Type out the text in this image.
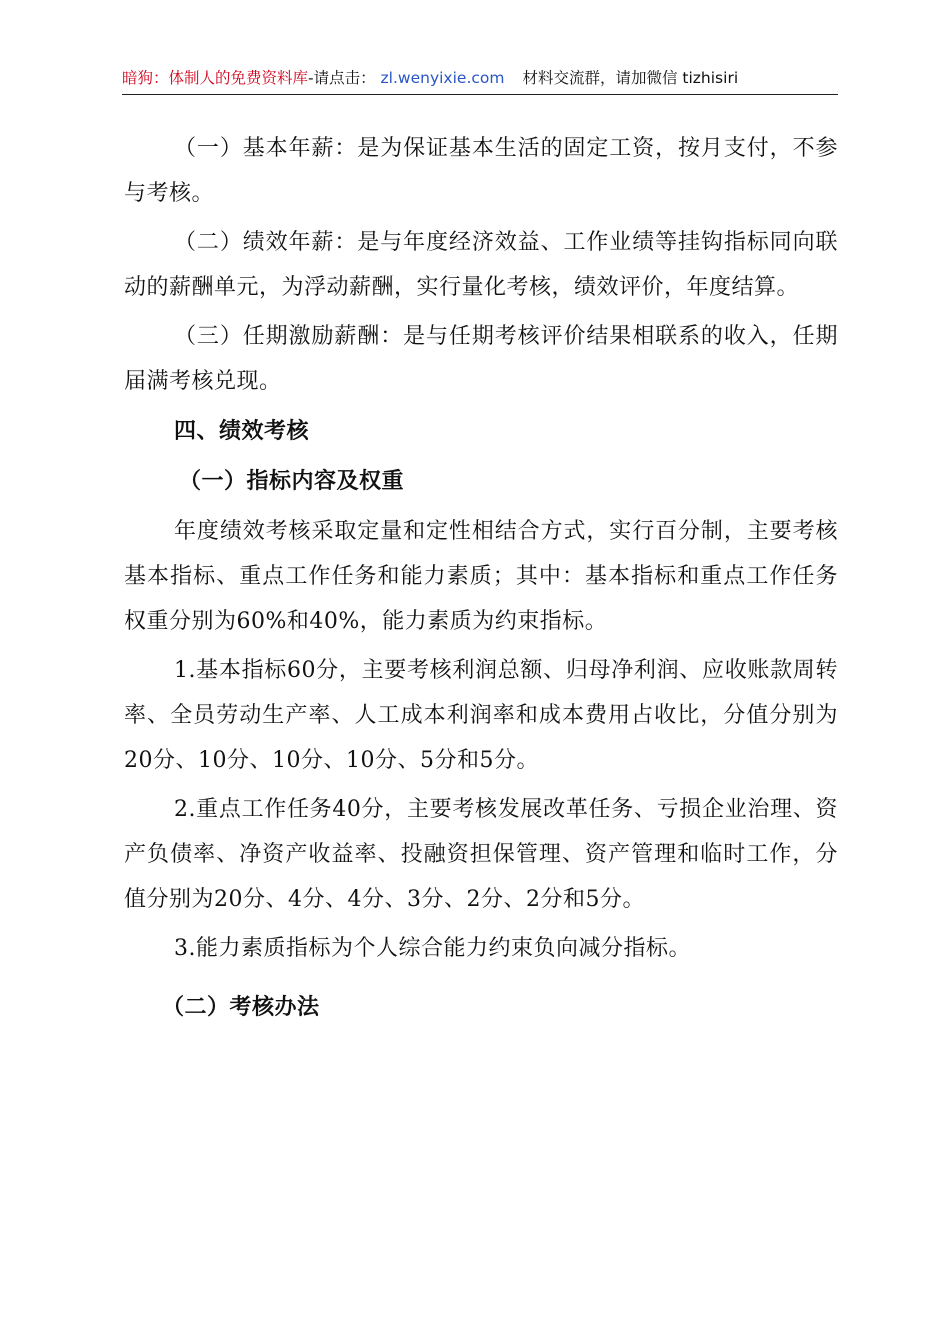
暗狗：体制人的免费资料库-请点击： zl.wenyixie.com 材料交流群，请加微信 tizhisiri

（一）基本年薪：是为保证基本生活的固定工资，按月支付，不参与考核。

（二）绩效年薪：是与年度经济效益、工作业绩等挂钩指标同向联动的薪酬单元，为浮动薪酬，实行量化考核，绩效评价，年度结算。

（三）任期激励薪酬：是与任期考核评价结果相联系的收入，任期届满考核兑现。

四、绩效考核
（一）指标内容及权重

年度绩效考核采取定量和定性相结合方式，实行百分制，主要考核基本指标、重点工作任务和能力素质；其中：基本指标和重点工作任务权重分别为60%和40%，能力素质为约束指标。

1.基本指标60分，主要考核利润总额、归母净利润、应收账款周转率、全员劳动生产率、人工成本利润率和成本费用占收比，分值分别为20分、10分、10分、10分、5分和5分。

2.重点工作任务40分，主要考核发展改革任务、亏损企业治理、资产负债率、净资产收益率、投融资担保管理、资产管理和临时工作，分值分别为20分、4分、4分、3分、2分、2分和5分。

3.能力素质指标为个人综合能力约束负向减分指标。

（二）考核办法
